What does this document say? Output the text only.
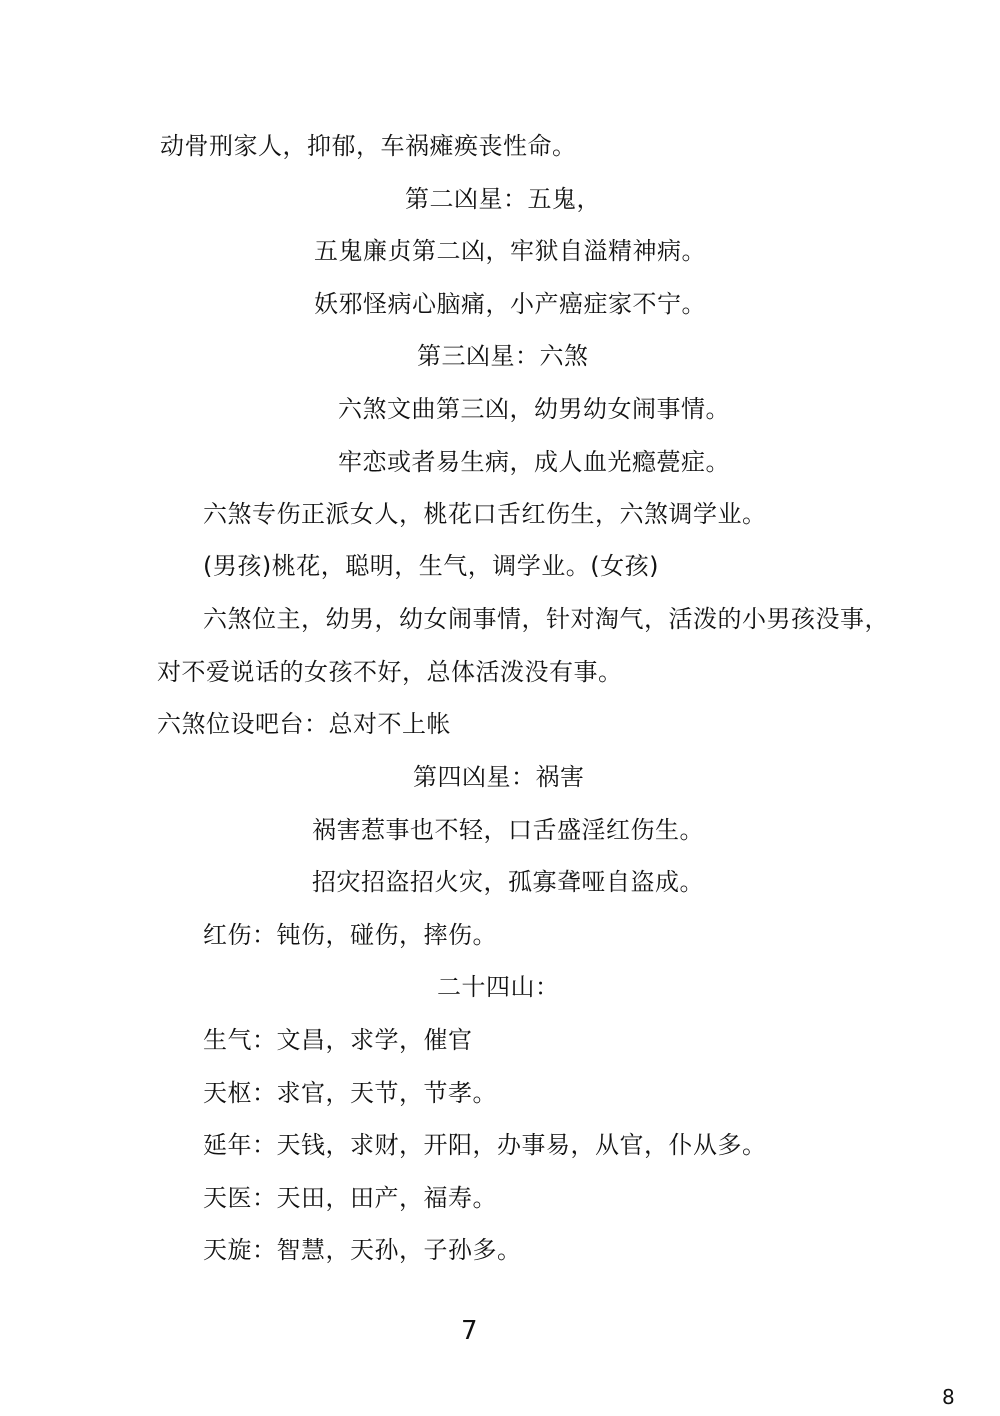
动骨刑家人，抑郁，车祸瘫痪丧性命。
第二凶星：五鬼，
五鬼廉贞第二凶，牢狱自溢精神病。
妖邪怪病心脑痛，小产癌症家不宁。
第三凶星：六煞
六煞文曲第三凶，幼男幼女闹事情。
牢恋或者易生病，成人血光瘾甍症。
六煞专伤正派女人，桃花口舌红伤生，六煞调学业。
(男孩)桃花，聪明，生气，调学业。(女孩)
六煞位主，幼男，幼女闹事情，针对淘气，活泼的小男孩没事，
对不爱说话的女孩不好，总体活泼没有事。
六煞位设吧台：总对不上帐
第四凶星：祸害
祸害惹事也不轻，口舌盛淫红伤生。
招灾招盗招火灾，孤寡聋哑自盗成。
红伤：钝伤，碰伤，摔伤。
二十四山：
生气：文昌，求学，催官
天枢：求官，天节，节孝。
延年：天钱，求财，开阳，办事易，从官，仆从多。
天医：天田，田产，福寿。
天旋：智慧，天孙，子孙多。
7
8
